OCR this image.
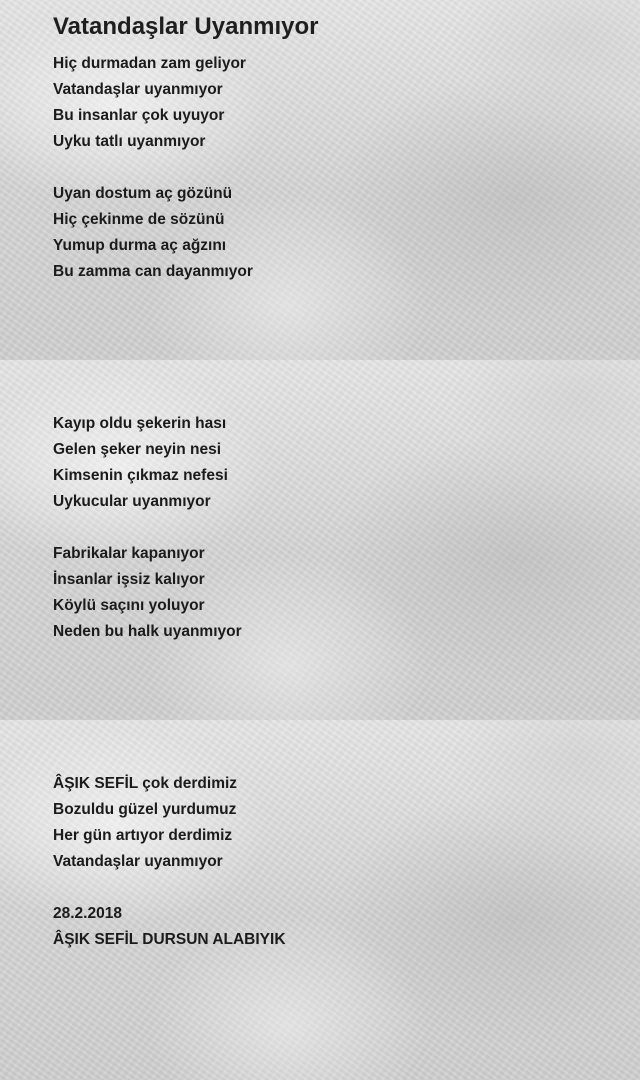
Vatandaşlar Uyanmıyor
Hiç durmadan zam geliyor
Vatandaşlar uyanmıyor
Bu insanlar çok uyuyor
Uyku tatlı uyanmıyor
Uyan dostum aç gözünü
Hiç çekinme de sözünü
Yumup durma aç ağzını
Bu zamma can dayanmıyor
Kayıp oldu şekerin hası
Gelen şeker neyin nesi
Kimsenin çıkmaz nefesi
Uykucular uyanmıyor
Fabrikalar kapanıyor
İnsanlar işsiz kalıyor
Köylü saçını yoluyor
Neden bu halk uyanmıyor
ÂŞIK SEFİL çok derdimiz
Bozuldu güzel yurdumuz
Her gün artıyor derdimiz
Vatandaşlar uyanmıyor
28.2.2018
ÂŞIK SEFİL DURSUN ALABIYIK
